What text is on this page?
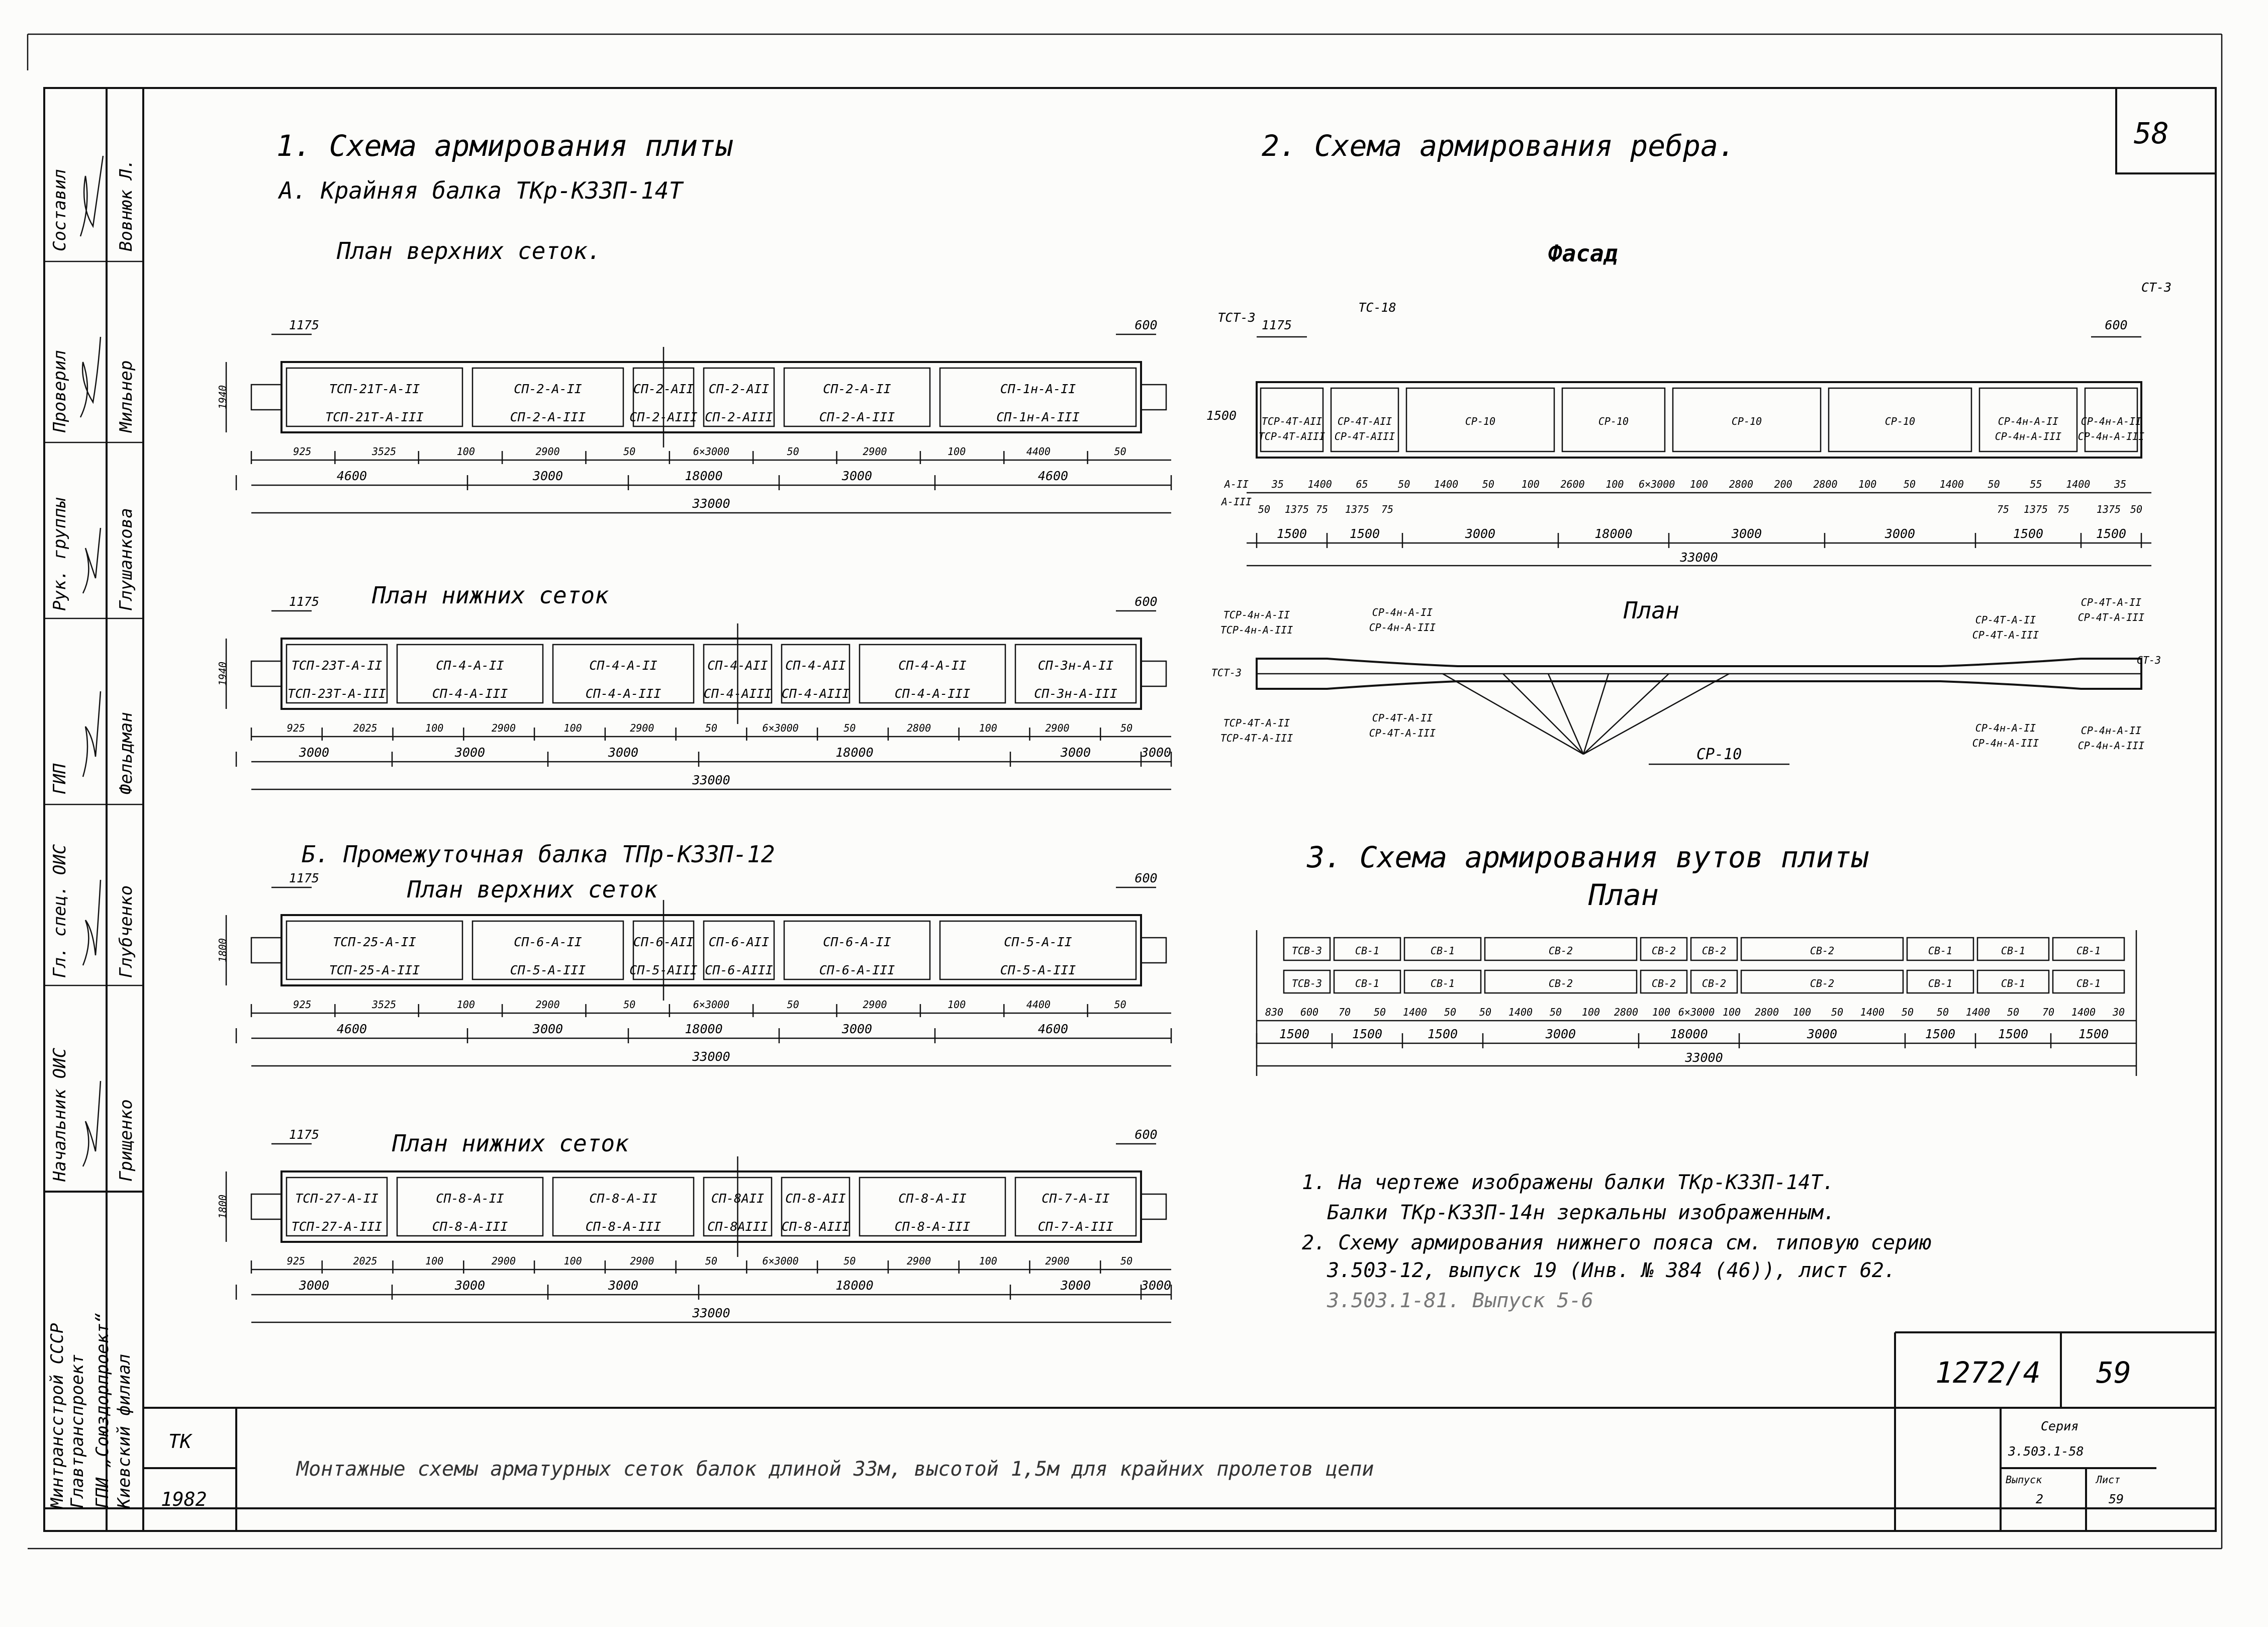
Составил	Вовнюк Л.
Проверил	Мильнер
Рук. группы	Глушанкова
ГИП	Фельдман
Гл. спец. ОИС	Глубченко
Начальник ОИС	Грищенко
Минтрансстрой СССР Главтранспроект ГПИ „Союздорпроект“ Киевский филиал
58
1272/4 59
ТК
1982
Монтажные схемы арматурных сеток балок длиной 33м, высотой 1,5м для крайних пролетов цепи
Серия
3.503.1-58
Выпуск	Лист
2	59
1. Схема армирования плиты
А. Крайняя балка ТКр-К33П-14Т
План верхних сеток.
План нижних сеток
ТСП-21Т-А-II
ТСП-21Т-А-III
СП-2-А-II
СП-2-А-III
СП-2-АII
СП-2-АIII
СП-2-АII
СП-2-АIII
СП-2-А-II
СП-2-А-III
СП-1н-А-II
СП-1н-А-III
1940
1175	600
925	3525	100	2900	50	6×3000	50	2900	100	4400	50
4600	3000	18000	3000	4600
33000
ТСП-23Т-А-II
ТСП-23Т-А-III
СП-4-А-II
СП-4-А-III
СП-4-А-II
СП-4-А-III
СП-4-АII
СП-4-АIII
СП-4-АII
СП-4-АIII
СП-4-А-II
СП-4-А-III
СП-3н-А-II
СП-3н-А-III
1940
1175	600
925	2025	100	2900	100	2900	50	6×3000	50	2800	100	2900	50
3000	3000	3000	18000	3000	3000
33000
Б. Промежуточная балка ТПр-К33П-12
План верхних сеток
План нижних сеток
ТСП-25-А-II
ТСП-25-А-III
СП-6-А-II
СП-5-А-III
СП-6-АII
СП-5-АIII
СП-6-АII
СП-6-АIII
СП-6-А-II
СП-6-А-III
СП-5-А-II
СП-5-А-III
1800
1175	600
925	3525	100	2900	50	6×3000	50	2900	100	4400	50
4600	3000	18000	3000	4600
33000
ТСП-27-А-II
ТСП-27-А-III
СП-8-А-II
СП-8-А-III
СП-8-А-II
СП-8-А-III
СП-8АII
СП-8АIII
СП-8-АII
СП-8-АIII
СП-8-А-II
СП-8-А-III
СП-7-А-II
СП-7-А-III
1800
1175	600
925	2025	100	2900	100	2900	50	6×3000	50	2900	100	2900	50
3000	3000	3000	18000	3000	3000
33000
2. Схема армирования ребра.
Фасад
План
ТСР-4Т-АII СР-4Т-АII	СР-10	СР-10	СР-10	СР-10	СР-4н-А-II СР-4н-А-II
ТСР-4Т-АIII СР-4Т-АIII	СР-4н-А-III СР-4н-А-III
ТСТ-3
ТС-18
СТ-3
1175	600
1500
35 1400 65	50 1400 50	100 2600 100 6×3000 100 2800 200 2800 100	50 1400 50	55 1400 35
А-II
А-III
50 1375 75 1375 75	75 1375 75	1375 50
1500	1500	3000	18000	3000	3000	1500	1500
33000
СР-10
ТСР-4н-А-II
ТСР-4н-А-III
СР-4н-А-II
СР-4н-А-III
ТСТ-3
ТСР-4Т-А-II
ТСР-4Т-А-III
СР-4Т-А-II
СР-4Т-А-III
СР-4Т-А-II
СР-4Т-А-III
СР-4Т-А-II
СР-4Т-А-III
СТ-3
СР-4н-А-II
СР-4н-А-III
СР-4н-А-II
СР-4н-А-III
3. Схема армирования вутов плиты
План
ТСВ-3
ТСВ-3
СВ-1
СВ-1
СВ-1
СВ-1
СВ-2
СВ-2
СВ-2
СВ-2
СВ-2
СВ-2
СВ-2
СВ-2
СВ-1
СВ-1
СВ-1
СВ-1
СВ-1
СВ-1
830 600 70 50 1400 50 50 1400 50 100 2800 100 6×3000 100 2800 100 50 1400 50 50 1400 50 70 1400 30
1500	1500	1500	3000	18000	3000	1500	1500	1500
33000
1. На чертеже изображены балки ТКр-К33П-14Т.
Балки ТКр-К33П-14н зеркальны изображенным.
2. Схему армирования нижнего пояса см. типовую серию
3.503-12, выпуск 19 (Инв. № 384 (46)), лист 62.
3.503.1-81. Выпуск 5-6
